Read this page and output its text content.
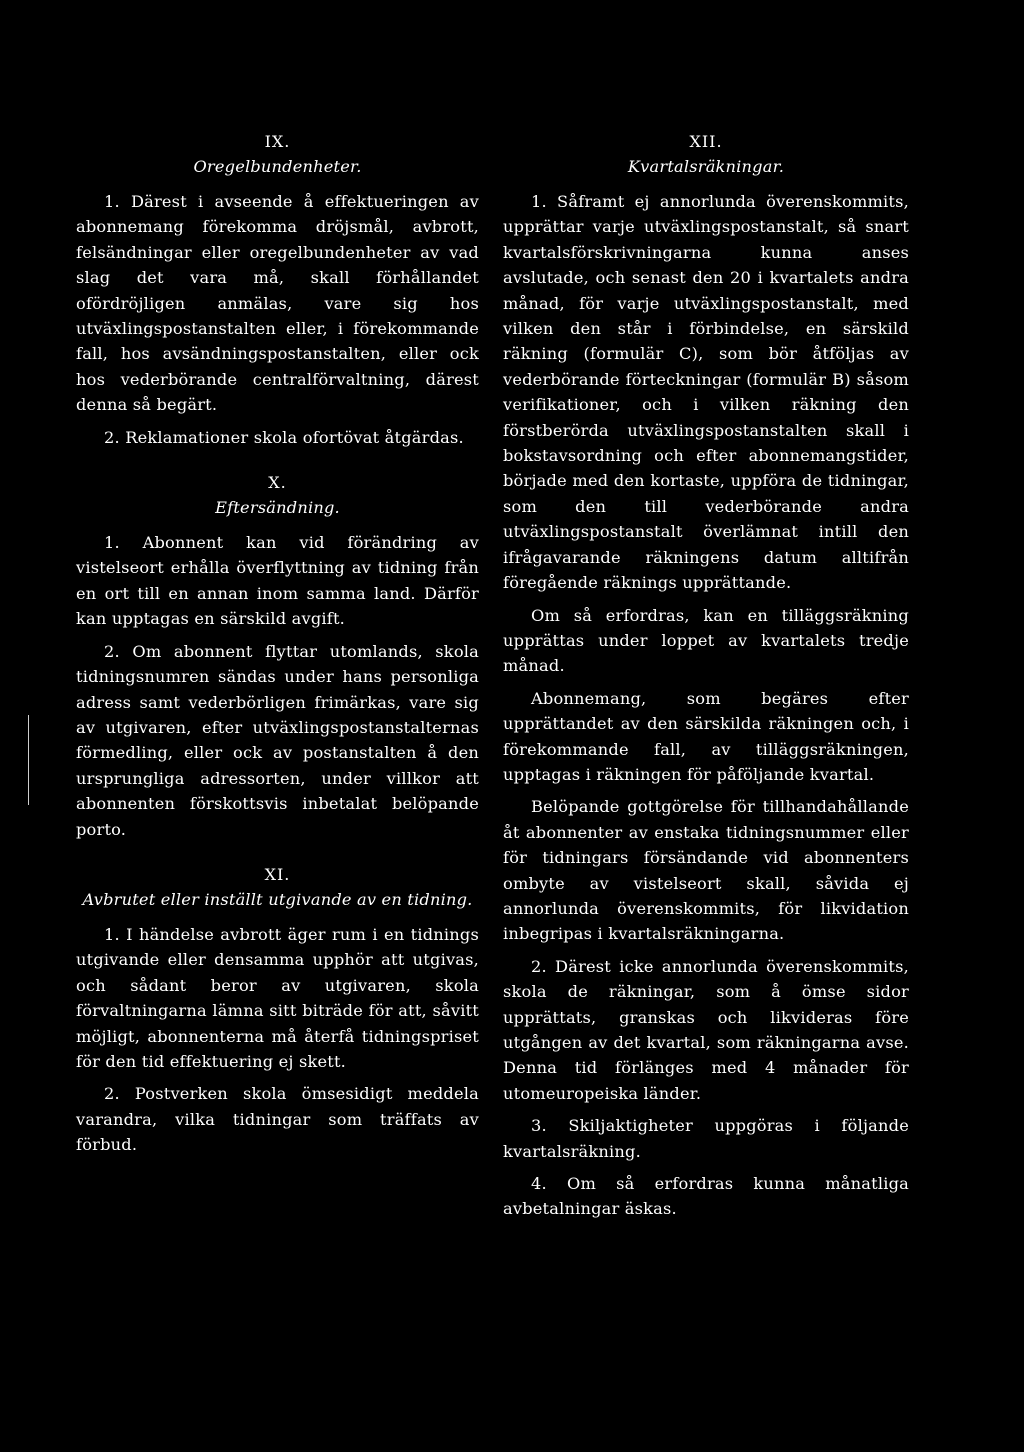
IX.
Oregelbundenheter.

1. Därest i avseende å effektueringen av abonnemang förekomma dröjsmål, avbrott, felsändningar eller oregelbundenheter av vad slag det vara må, skall förhållandet ofördröjligen anmälas, vare sig hos utväxlingspostanstalten eller, i förekommande fall, hos avsändningspostanstalten, eller ock hos vederbörande centralförvaltning, därest denna så begärt.

2. Reklamationer skola ofortövat åtgärdas.

X.
Eftersändning.

1. Abonnent kan vid förändring av vistelseort erhålla överflyttning av tidning från en ort till en annan inom samma land. Därför kan upptagas en särskild avgift.

2. Om abonnent flyttar utomlands, skola tidningsnumren sändas under hans personliga adress samt vederbörligen frimärkas, vare sig av utgivaren, efter utväxlingspostanstalternas förmedling, eller ock av postanstalten å den ursprungliga adressorten, under villkor att abonnenten förskottsvis inbetalat belöpande porto.

XI.
Avbrutet eller inställt utgivande av en tidning.

1. I händelse avbrott äger rum i en tidnings utgivande eller densamma upphör att utgivas, och sådant beror av utgivaren, skola förvaltningarna lämna sitt biträde för att, såvitt möjligt, abonnenterna må återfå tidningspriset för den tid effektuering ej skett.

2. Postverken skola ömsesidigt meddela varandra, vilka tidningar som träffats av förbud.

XII.
Kvartalsräkningar.

1. Såframt ej annorlunda överenskommits, upprättar varje utväxlingspostanstalt, så snart kvartalsförskrivningarna kunna anses avslutade, och senast den 20 i kvartalets andra månad, för varje utväxlingspostanstalt, med vilken den står i förbindelse, en särskild räkning (formulär C), som bör åtföljas av vederbörande förteckningar (formulär B) såsom verifikationer, och i vilken räkning den förstberörda utväxlingspostanstalten skall i bokstavsordning och efter abonnemangstider, började med den kortaste, uppföra de tidningar, som den till vederbörande andra utväxlingspostanstalt överlämnat intill den ifrågavarande räkningens datum alltifrån föregående räknings upprättande.

Om så erfordras, kan en tilläggsräkning upprättas under loppet av kvartalets tredje månad.

Abonnemang, som begäres efter upprättandet av den särskilda räkningen och, i förekommande fall, av tilläggsräkningen, upptagas i räkningen för påföljande kvartal.

Belöpande gottgörelse för tillhandahållande åt abonnenter av enstaka tidningsnummer eller för tidningars försändande vid abonnenters ombyte av vistelseort skall, såvida ej annorlunda överenskommits, för likvidation inbegripas i kvartalsräkningarna.

2. Därest icke annorlunda överenskommits, skola de räkningar, som å ömse sidor upprättats, granskas och likvideras före utgången av det kvartal, som räkningarna avse. Denna tid förlänges med 4 månader för utomeuropeiska länder.

3. Skiljaktigheter uppgöras i följande kvartalsräkning.

4. Om så erfordras kunna månatliga avbetalningar äskas.
